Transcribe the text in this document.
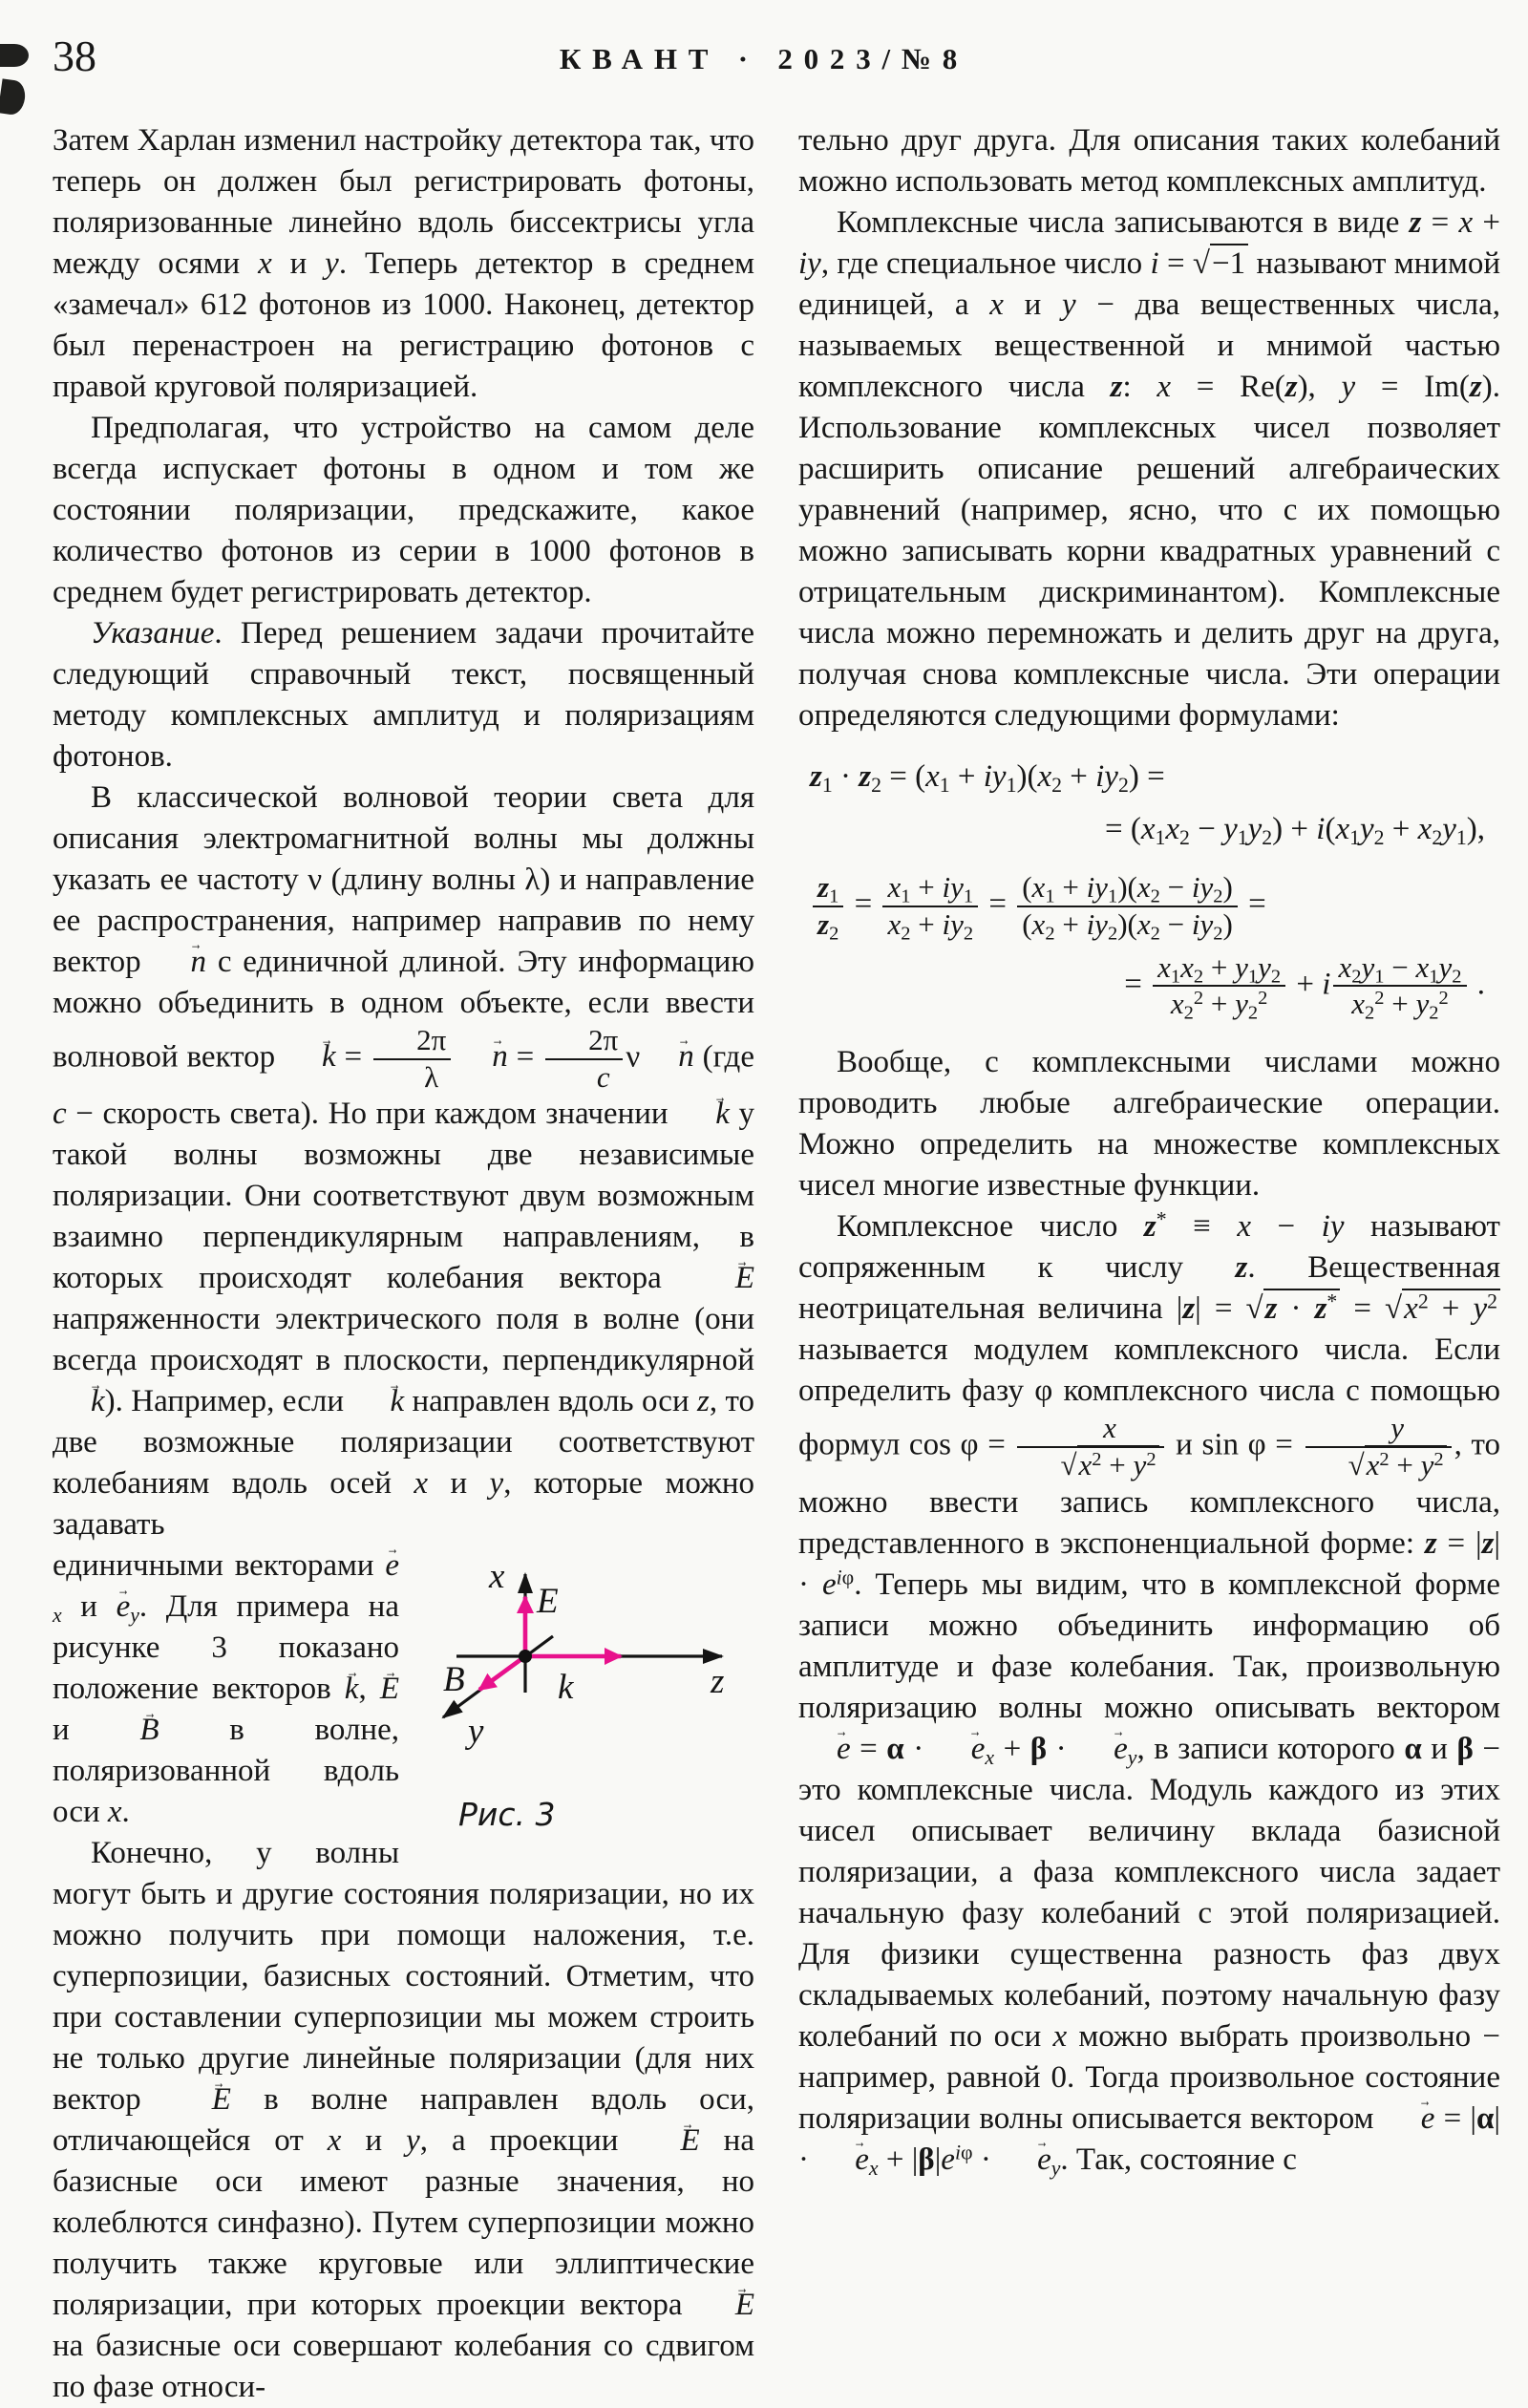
38	КВАНТ · 2023/№8

Затем Харлан изменил настройку детектора так, что теперь он должен был регистрировать фотоны, поляризованные линейно вдоль биссектрисы угла между осями x и y. Теперь детектор в среднем «замечал» 612 фотонов из 1000. Наконец, детектор был перенастроен на регистрацию фотонов с правой круговой поляризацией.

Предполагая, что устройство на самом деле всегда испускает фотоны в одном и том же состоянии поляризации, предскажите, какое количество фотонов из серии в 1000 фотонов в среднем будет регистрировать детектор.

Указание. Перед решением задачи прочитайте следующий справочный текст, посвященный методу комплексных амплитуд и поляризациям фотонов.

В классической волновой теории света для описания электромагнитной волны мы должны указать ее частоту ν (длину волны λ) и направление ее распространения, например направив по нему вектор n → с единичной длиной. Эту информацию можно объединить в одном объекте, если ввести волновой вектор k → = $\frac{2\pi}{\lambda}$ n → = $\frac{2\pi}{c}$ ν n → (где c − скорость света). Но при каждом значении k → у такой волны возможны две независимые поляризации. Они соответствуют двум возможным взаимно перпендикулярным направлениям, в которых происходят колебания вектора E → напряженности электрического поля в волне (они всегда происходят в плоскости, перпендикулярной k →). Например, если k → направлен вдоль оси z, то две возможные поляризации соответствуют колебаниям вдоль осей x и y, которые можно задавать

x
E
z
k
B
y
Рис. 3

единичными векторами $e \to_x$ и $e \to_y$. Для примера на рисунке 3 показано положение векторов k →, E → и B → в волне, поляризованной вдоль оси x.

Конечно, у волны могут быть и другие состояния поляризации, но их можно получить при помощи наложения, т.е. суперпозиции, базисных состояний. Отметим, что при составлении суперпозиции мы можем строить не только другие линейные поляризации (для них вектор E → в волне направлен вдоль оси, отличающейся от x и y, а проекции E → на базисные оси имеют разные значения, но колеблются синфазно). Путем суперпозиции можно получить также круговые или эллиптические поляризации, при которых проекции вектора E → на базисные оси совершают колебания со сдвигом по фазе относи-

тельно друг друга. Для описания таких колебаний можно использовать метод комплексных амплитуд.

Комплексные числа записываются в виде z = x + iy, где специальное число i = √−1 называют мнимой единицей, а x и y − два вещественных числа, называемых вещественной и мнимой частью комплексного числа z: x = Re(z), y = Im(z). Использование комплексных чисел позволяет расширить описание решений алгебраических уравнений (например, ясно, что с их помощью можно записывать корни квадратных уравнений с отрицательным дискриминантом). Комплексные числа можно перемножать и делить друг на друга, получая снова комплексные числа. Эти операции определяются следующими формулами:

$z_1 \cdot z_2 = (x_1 + iy_1)(x_2 + iy_2)$ =
= $(x_1x_2 - y_1y_2) + i(x_1y_2 + x_2y_1)$,
$\frac{z_1}{z_2} = \frac{x_1 + iy_1}{x_2 + iy_2} = \frac{(x_1 + iy_1)(x_2 - iy_2)}{(x_2 + iy_2)(x_2 - iy_2)}$ =
= $\frac{x_1x_2 + y_1y_2}{x_2^2 + y_2^2} + i \frac{x_2y_1 - x_1y_2}{x_2^2 + y_2^2}$ .

Вообще, с комплексными числами можно проводить любые алгебраические операции. Можно определить на множестве комплексных чисел многие известные функции.

Комплексное число z* ≡ x − iy называют сопряженным к числу z. Вещественная неотрицательная величина $|z| = √z \cdot z^* = √x^2 + y^2$ называется модулем комплексного числа. Если определить фазу φ комплексного числа с помощью формул $\cos \varphi = \frac{x}{√x^2 + y^2}$ и $\sin \varphi = \frac{y}{√x^2 + y^2}$ , то можно ввести запись комплексного числа, представленного в экспоненциальной форме: $z = |z| \cdot e^{i\varphi}$. Теперь мы видим, что в комплексной форме записи можно объединить информацию об амплитуде и фазе колебания. Так, произвольную поляризацию волны можно описывать вектором e → = $\alpha \cdot e \to_x + \beta \cdot e \to_y$, в записи которого α и β − это комплексные числа. Модуль каждого из этих чисел описывает величину вклада базисной поляризации, а фаза комплексного числа задает начальную фазу колебаний с этой поляризацией. Для физики существенна разность фаз двух складываемых колебаний, поэтому начальную фазу колебаний по оси x можно выбрать произвольно − например, равной 0. Тогда произвольное состояние поляризации волны описывается вектором e → = $|\alpha| \cdot e \to_x + |\beta|e^{i\varphi} \cdot e \to_y$. Так, состояние с
